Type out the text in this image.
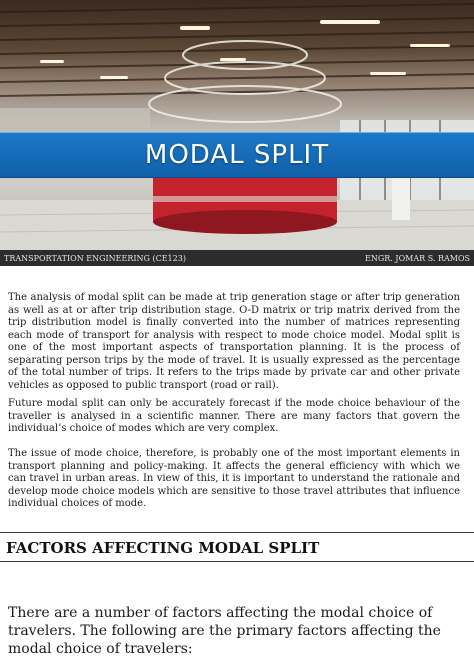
MODAL SPLIT
TRANSPORTATION ENGINEERING (CE123)	ENGR. JOMAR S. RAMOS
The analysis of modal split can be made at trip generation stage or after trip generation as well as at or after trip distribution stage. O-D matrix or trip matrix derived from the trip distribution model is finally converted into the number of matrices representing each mode of transport for analysis with respect to mode choice model. Modal split is one of the most important aspects of transportation planning. It is the process of separating person trips by the mode of travel. It is usually expressed as the percentage of the total number of trips. It refers to the trips made by private car and other private vehicles as opposed to public transport (road or rail).
Future modal split can only be accurately forecast if the mode choice behaviour of the traveller is analysed in a scientific manner. There are many factors that govern the individual’s choice of modes which are very complex.
The issue of mode choice, therefore, is probably one of the most important elements in transport planning and policy-making. It affects the general efficiency with which we can travel in urban areas. In view of this, it is important to understand the rationale and develop mode choice models which are sensitive to those travel attributes that influence individual choices of mode.
FACTORS AFFECTING MODAL SPLIT
There are a number of factors affecting the modal choice of travelers. The following are the primary factors affecting the modal choice of travelers:
